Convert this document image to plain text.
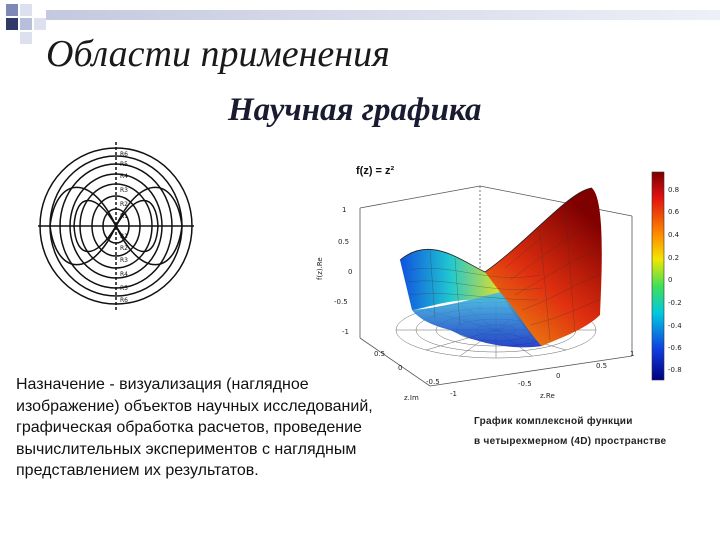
Области применения
Научная графика
R6
R5
R4
R3
R2
R1
R1
R2
R3
R4
R5
R6
f(z) = z²
1
0.5
0
-0.5
-1
0.5
0
-0.5
-1
-0.5
0
0.5
1
f(z).Re
z.Im	z.Re
0.8
0.6
0.4
0.2
0
-0.2
-0.4
-0.6
-0.8
Назначение - визуализация (наглядное изображение) объектов научных исследований, графическая обработка расчетов, проведение вычислительных экспериментов с наглядным представлением их результатов.
График комплексной функции
в четырехмерном (4D) пространстве
